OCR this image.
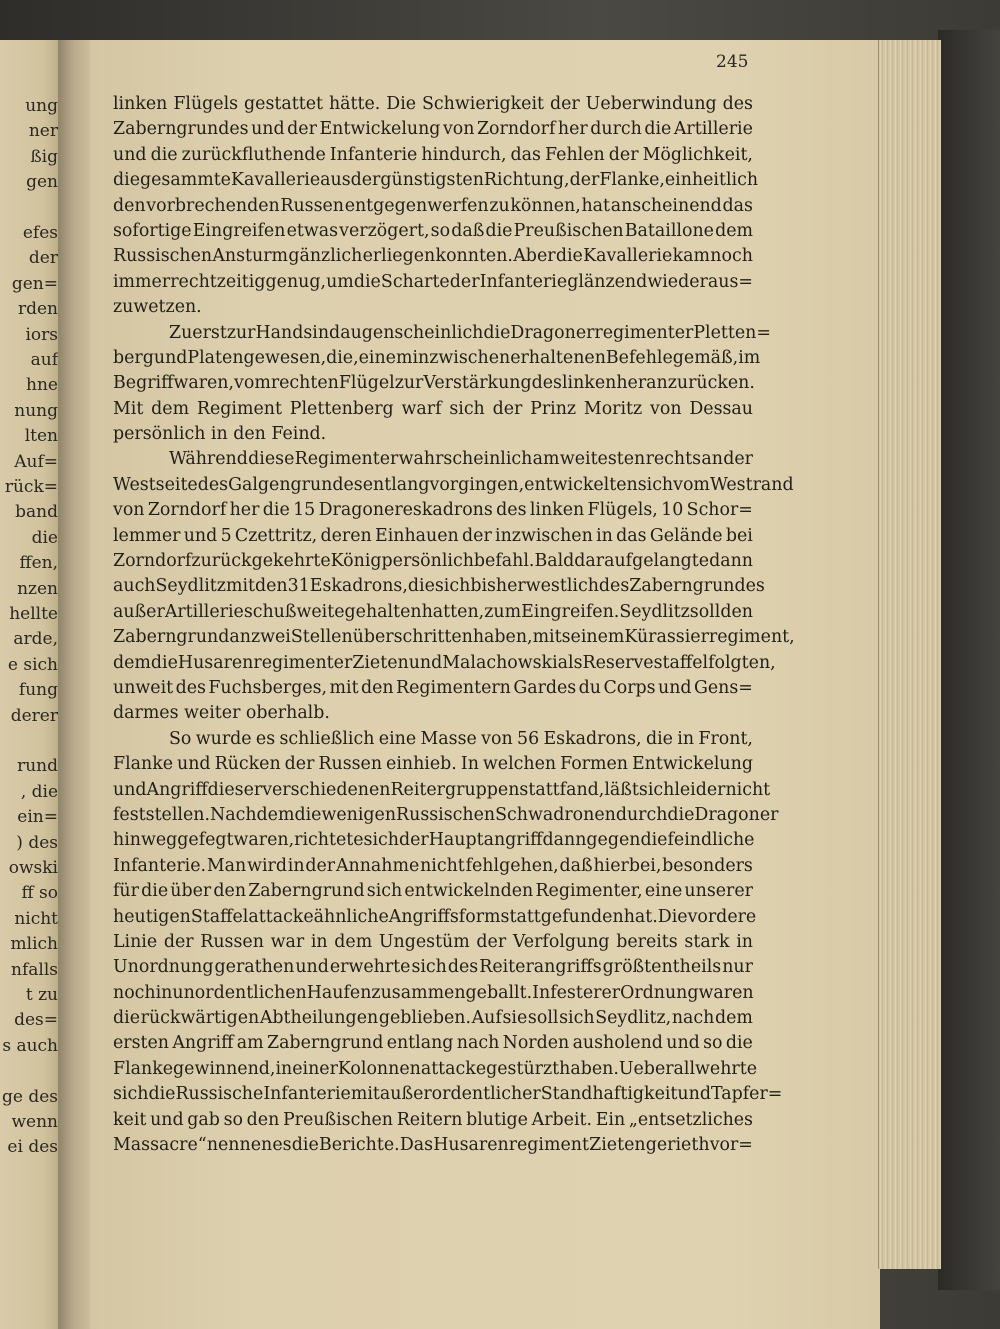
ung
ner
ßig
gen
efes
der
gen=
rden
iors
auf
hne
nung
lten
Auf=
rück=
band
die
ffen,
nzen
hellte
arde,
e sich
fung
derer
rund
, die
ein=
) des
owski
ff so
nicht
mlich
nfalls
t zu
des=
s auch
ge des
wenn
ei des
245
linken Flügels gestattet hätte. Die Schwierigkeit der Ueberwindung des
Zaberngrundes und der Entwickelung von Zorndorf her durch die Artillerie
und die zurückfluthende Infanterie hindurch, das Fehlen der Möglichkeit,
die gesammte Kavallerie aus der günstigsten Richtung, der Flanke, einheitlich
den vorbrechenden Russen entgegenwerfen zu können, hat anscheinend das
sofortige Eingreifen etwas verzögert, so daß die Preußischen Bataillone dem
Russischen Ansturm gänzlich erliegen konnten. Aber die Kavallerie kam noch
immer rechtzeitig genug, um die Scharte der Infanterie glänzend wieder aus=
zuwetzen.
Zuerst zur Hand sind augenscheinlich die Dragonerregimenter Pletten=
berg und Platen gewesen, die, einem inzwischen erhaltenen Befehle gemäß, im
Begriff waren, vom rechten Flügel zur Verstärkung des linken heranzurücken.
Mit dem Regiment Plettenberg warf sich der Prinz Moritz von Dessau
persönlich in den Feind.
Während diese Regimenter wahrscheinlich am weitesten rechts an der
Westseite des Galgengrundes entlang vorgingen, entwickelten sich vom Westrand
von Zorndorf her die 15 Dragonereskadrons des linken Flügels, 10 Schor=
lemmer und 5 Czettritz, deren Einhauen der inzwischen in das Gelände bei
Zorndorf zurückgekehrte König persönlich befahl. Bald darauf gelangte dann
auch Seydlitz mit den 31 Eskadrons, die sich bisher westlich des Zaberngrundes
außer Artillerieschußweite gehalten hatten, zum Eingreifen. Seydlitz soll den
Zaberngrund an zwei Stellen überschritten haben, mit seinem Kürassierregiment,
dem die Husarenregimenter Zieten und Malachowski als Reservestaffel folgten,
unweit des Fuchsberges, mit den Regimentern Gardes du Corps und Gens=
darmes weiter oberhalb.
So wurde es schließlich eine Masse von 56 Eskadrons, die in Front,
Flanke und Rücken der Russen einhieb. In welchen Formen Entwickelung
und Angriff dieser verschiedenen Reitergruppen stattfand, läßt sich leider nicht
feststellen. Nachdem die wenigen Russischen Schwadronen durch die Dragoner
hinweggefegt waren, richtete sich der Hauptangriff dann gegen die feindliche
Infanterie. Man wird in der Annahme nicht fehlgehen, daß hierbei, besonders
für die über den Zaberngrund sich entwickelnden Regimenter, eine unserer
heutigen Staffelattacke ähnliche Angriffsform stattgefunden hat. Die vordere
Linie der Russen war in dem Ungestüm der Verfolgung bereits stark in
Unordnung gerathen und erwehrte sich des Reiterangriffs größtentheils nur
noch in unordentlichen Haufen zusammengeballt. In festerer Ordnung waren
die rückwärtigen Abtheilungen geblieben. Auf sie soll sich Seydlitz, nach dem
ersten Angriff am Zaberngrund entlang nach Norden ausholend und so die
Flanke gewinnend, in einer Kolonnenattacke gestürzt haben. Ueberall wehrte
sich die Russische Infanterie mit außerordentlicher Standhaftigkeit und Tapfer=
keit und gab so den Preußischen Reitern blutige Arbeit. Ein „entsetzliches
Massacre“ nennen es die Berichte. Das Husarenregiment Zieten gerieth vor=
